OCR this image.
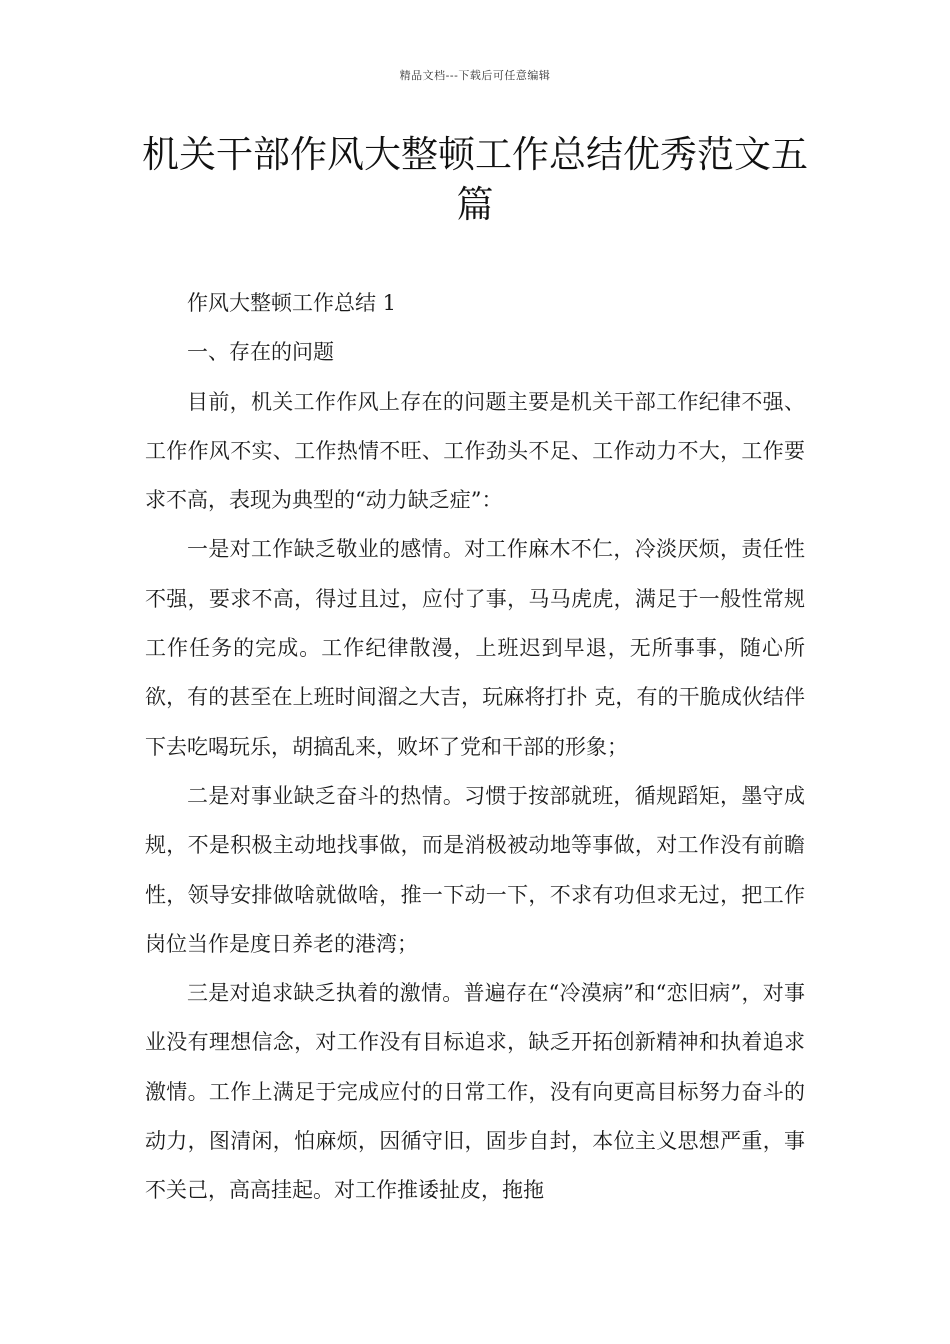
精品文档---下载后可任意编辑
机关干部作风大整顿工作总结优秀范文五篇

作风大整顿工作总结 1

一、存在的问题

目前，机关工作作风上存在的问题主要是机关干部工作纪律不强、工作作风不实、工作热情不旺、工作劲头不足、工作动力不大，工作要求不高，表现为典型的“动力缺乏症”：

一是对工作缺乏敬业的感情。对工作麻木不仁，冷淡厌烦，责任性不强，要求不高，得过且过，应付了事，马马虎虎，满足于一般性常规工作任务的完成。工作纪律散漫，上班迟到早退，无所事事，随心所欲，有的甚至在上班时间溜之大吉，玩麻将打扑 克，有的干脆成伙结伴下去吃喝玩乐，胡搞乱来，败坏了党和干部的形象；

二是对事业缺乏奋斗的热情。习惯于按部就班，循规蹈矩，墨守成规，不是积极主动地找事做，而是消极被动地等事做，对工作没有前瞻性，领导安排做啥就做啥，推一下动一下，不求有功但求无过，把工作岗位当作是度日养老的港湾；

三是对追求缺乏执着的激情。普遍存在“冷漠病”和“恋旧病”，对事业没有理想信念，对工作没有目标追求，缺乏开拓创新精神和执着追求激情。工作上满足于完成应付的日常工作，没有向更高目标努力奋斗的动力，图清闲，怕麻烦，因循守旧，固步自封，本位主义思想严重，事不关己，高高挂起。对工作推诿扯皮，拖拖
